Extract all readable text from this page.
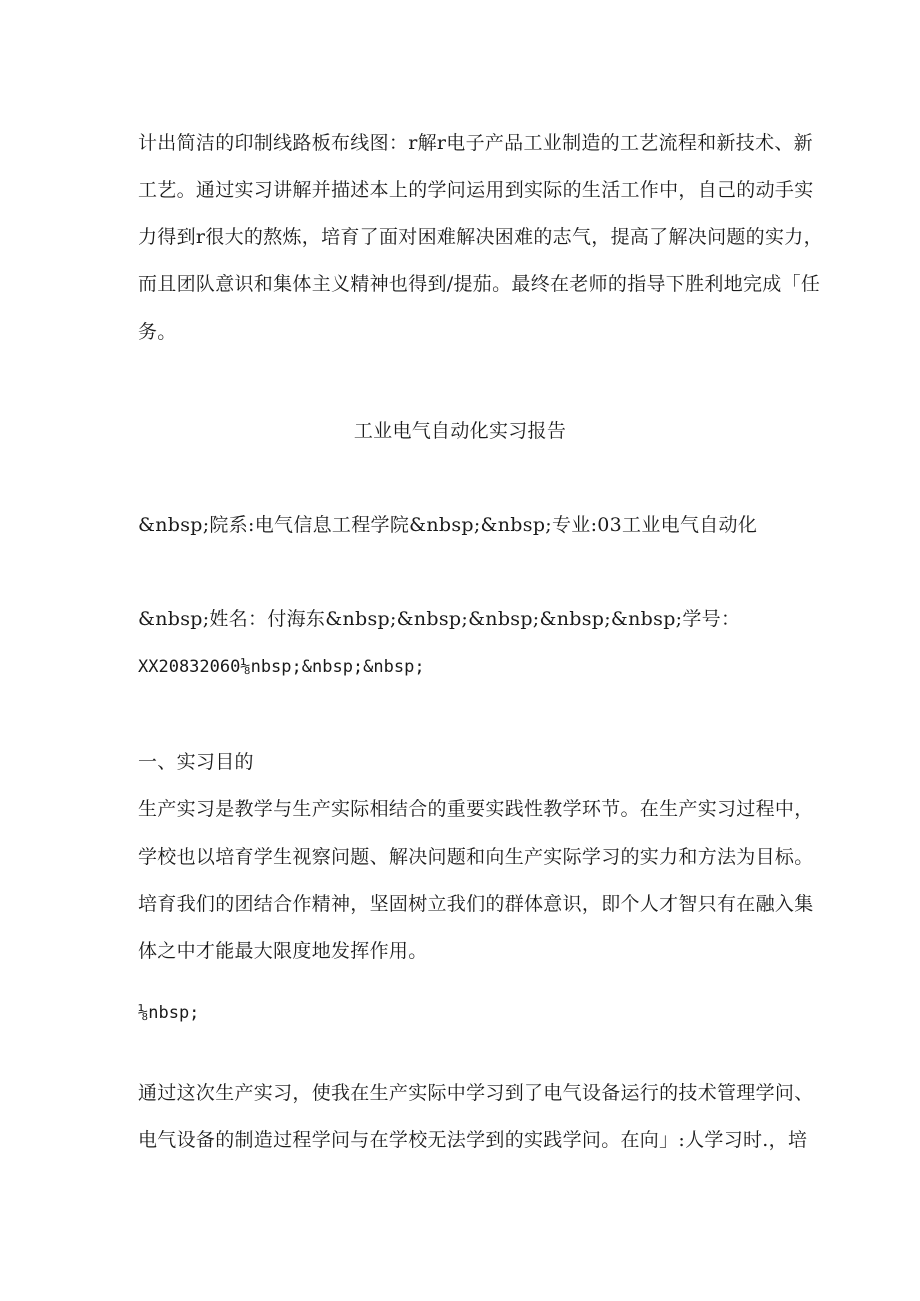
计出简洁的印制线路板布线图：r解r电子产品工业制造的工艺流程和新技术、新
工艺。通过实习讲解并描述本上的学问运用到实际的生活工作中，自己的动手实
力得到r很大的熬炼，培育了面对困难解决困难的志气，提高了解决问题的实力，
而且团队意识和集体主义精神也得到/提茄。最终在老师的指导下胜利地完成「任
务。
工业电气自动化实习报告
&nbsp;院系:电气信息工程学院&nbsp;&nbsp;专业:03工业电气自动化
&nbsp;姓名：付海东&nbsp;&nbsp;&nbsp;&nbsp;&nbsp;学号：
XX20832060⅛nbsp;&nbsp;&nbsp;
一、实习目的
生产实习是教学与生产实际相结合的重要实践性教学环节。在生产实习过程中，
学校也以培育学生视察问题、解决问题和向生产实际学习的实力和方法为目标。
培育我们的团结合作精神，坚固树立我们的群体意识，即个人才智只有在融入集
体之中才能最大限度地发挥作用。
⅛nbsp;
通过这次生产实习，使我在生产实际中学习到了电气设备运行的技术管理学问、
电气设备的制造过程学问与在学校无法学到的实践学问。在向」:人学习时.，培
